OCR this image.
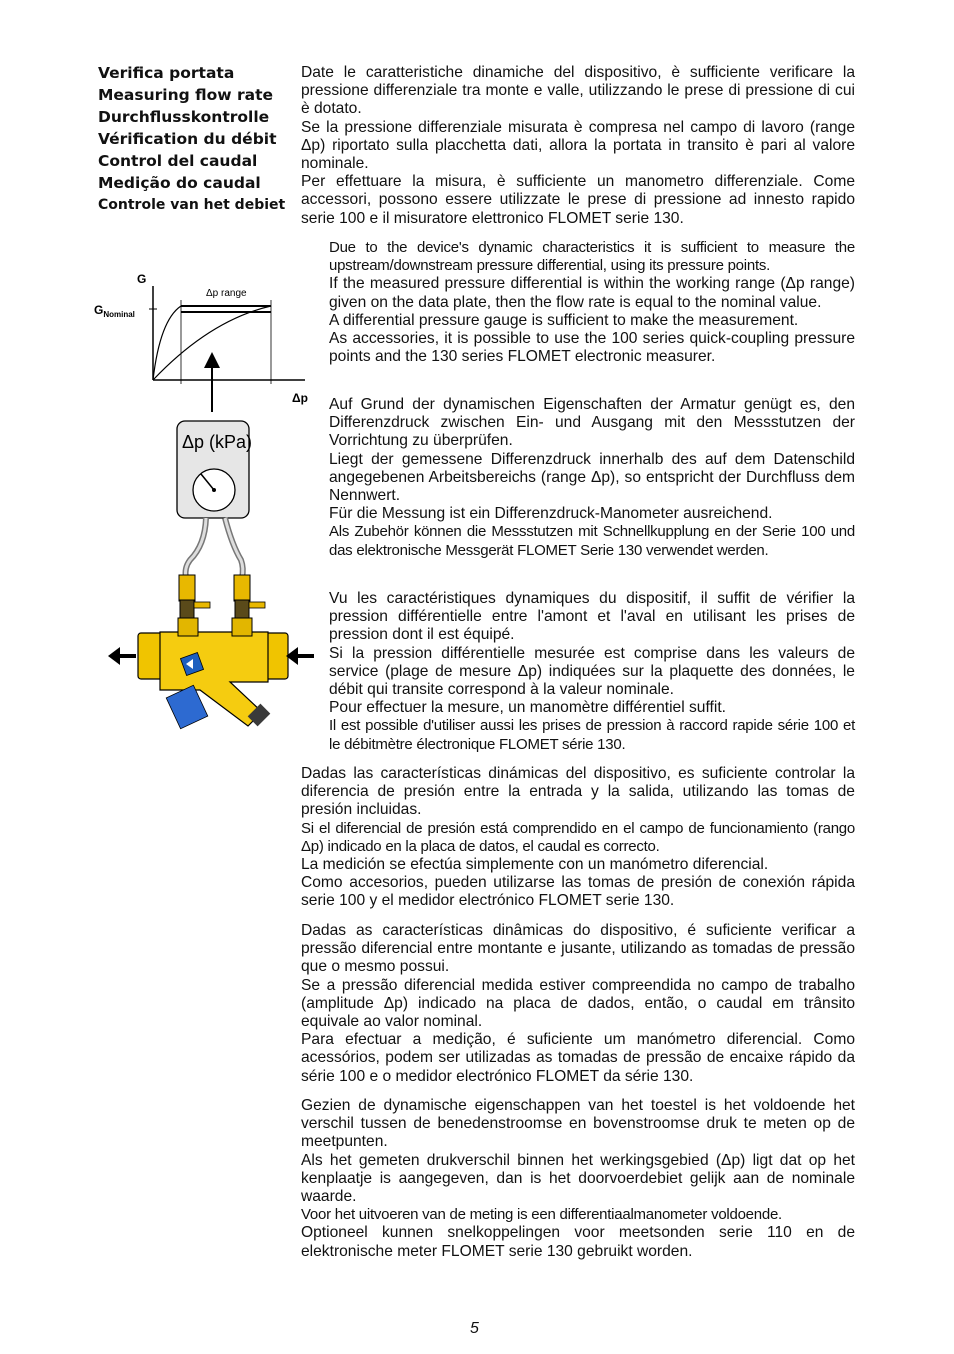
Verifica portata
Measuring flow rate
Durchflusskontrolle
Vérification du débit
Control del caudal
Medição do caudal
Controle van het debiet

Date le caratteristiche dinamiche del dispositivo, è sufficiente verificare la pressione differenziale tra monte e valle, utilizzando le prese di pressione di cui è dotato.

Se la pressione differenziale misurata è compresa nel campo di lavoro (range Δp) riportato sulla placchetta dati, allora la portata in transito è pari al valore nominale.

Per effettuare la misura, è sufficiente un manometro differenziale. Come accessori, possono essere utilizzate le prese di pressione ad innesto rapido serie 100 e il misuratore elettronico FLOMET serie 130.

Due to the device's dynamic characteristics it is sufficient to measure the upstream/downstream pressure differential, using its pressure points.

If the measured pressure differential is within the working range (Δp range) given on the data plate, then the flow rate is equal to the nominal value.

A differential pressure gauge is sufficient to make the measurement.

As accessories, it is possible to use the 100 series quick-coupling pressure points and the 130 series FLOMET electronic measurer.

Auf Grund der dynamischen Eigenschaften der Armatur genügt es, den Differenzdruck zwischen Ein- und Ausgang mit den Messstutzen der Vorrichtung zu überprüfen.

Liegt der gemessene Differenzdruck innerhalb des auf dem Datenschild angegebenen Arbeitsbereichs (range Δp), so entspricht der Durchfluss dem Nennwert.

Für die Messung ist ein Differenzdruck-Manometer ausreichend.

Als Zubehör können die Messstutzen mit Schnellkupplung en der Serie 100 und das elektronische Messgerät FLOMET Serie 130 verwendet werden.

Vu les caractéristiques dynamiques du dispositif, il suffit de vérifier la pression différentielle entre l'amont et l'aval en utilisant les prises de pression dont il est équipé.

Si la pression différentielle mesurée est comprise dans les valeurs de service (plage de mesure Δp) indiquées sur la plaquette des données, le débit qui transite correspond à la valeur nominale.

Pour effectuer la mesure, un manomètre différentiel suffit.

Il est possible d'utiliser aussi les prises de pression à raccord rapide série 100 et le débitmètre électronique FLOMET série 130.

Dadas las características dinámicas del dispositivo, es suficiente controlar la diferencia de presión entre la entrada y la salida, utilizando las tomas de presión incluidas.

Si el diferencial de presión está comprendido en el campo de funcionamiento (rango Δp) indicado en la placa de datos, el caudal es correcto.

La medición se efectúa simplemente con un manómetro diferencial.

Como accesorios, pueden utilizarse las tomas de presión de conexión rápida serie 100 y el medidor electrónico FLOMET serie 130.

Dadas as características dinâmicas do dispositivo, é suficiente verificar a pressão diferencial entre montante e jusante, utilizando as tomadas de pressão que o mesmo possui.

Se a pressão diferencial medida estiver compreendida no campo de trabalho (amplitude Δp) indicado na placa de dados, então, o caudal em trânsito equivale ao valor nominal.

Para efectuar a medição, é suficiente um manómetro diferencial. Como acessórios, podem ser utilizadas as tomadas de pressão de encaixe rápido da série 100 e o medidor electrónico FLOMET da série 130.

Gezien de dynamische eigenschappen van het toestel is het voldoende het verschil tussen de benedenstroomse en bovenstroomse druk te meten op de meetpunten.

Als het gemeten drukverschil binnen het werkingsgebied (Δp) ligt dat op het kenplaatje is aangegeven, dan is het doorvoerdebiet gelijk aan de nominale waarde.

Voor het uitvoeren van de meting is een differentiaalmanometer voldoende.

Optioneel kunnen snelkoppelingen voor meetsonden serie 110 en de elektronische meter FLOMET serie 130 gebruikt worden.

G
$G_{Nominal}$
Δp range
Δp
Δp (kPa)
5
